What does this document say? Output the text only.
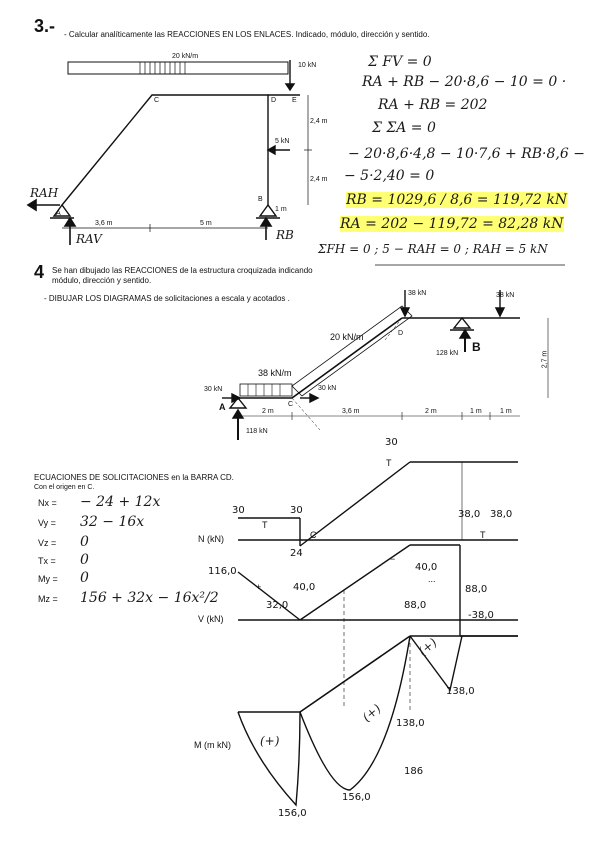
3.- - Calcular analíticamente las REACCIONES EN LOS ENLACES. Indicado, módulo, dirección y sentido.
20 kN/m
10 kN
5 kN
A
B
C	D E
2,4 m
2,4 m
3,6 m	5 m
1 m
RAH
RAV	RB
Σ FV = 0
RA + RB − 20·8,6 − 10 = 0 ·
RA + RB = 202
Σ ΣA = 0
− 20·8,6·4,8 − 10·7,6 + RB·8,6 −
− 5·2,40 = 0
RB = 1029,6 / 8,6 = 119,72 kN
RA = 202 − 119,72 = 82,28 kN
ΣFH = 0 ; 5 − RAH = 0 ; RAH = 5 kN
4 Se han dibujado las REACCIONES de la estructura croquizada indicando
módulo, dirección y sentido.
- DIBUJAR LOS DIAGRAMAS de solicitaciones a escala y acotados .
38 kN	38 kN
20 kN/m
38 kN/m
30 kN	30 kN
128 kN
118 kN
A
B
C
D
2 m	3,6 m	2 m	1 m	1 m
2,7 m
ECUACIONES DE SOLICITACIONES en la BARRA CD.
Con el origen en C.
Nx = − 24 + 12x
Vy = 32 − 16x
Vz = 0
Tx = 0
My = 0
Mz = 156 + 32x − 16x²/2
N (kN)
V (kN)
M (m kN)
30	30
30
24
38,0 38,0
40,0
T
C
T
T
116,0
40,0
32,0
88,0
88,0
-38,0
+
−
...
156,0
156,0
186
138,0
138,0
(+)
(+)
(+)
